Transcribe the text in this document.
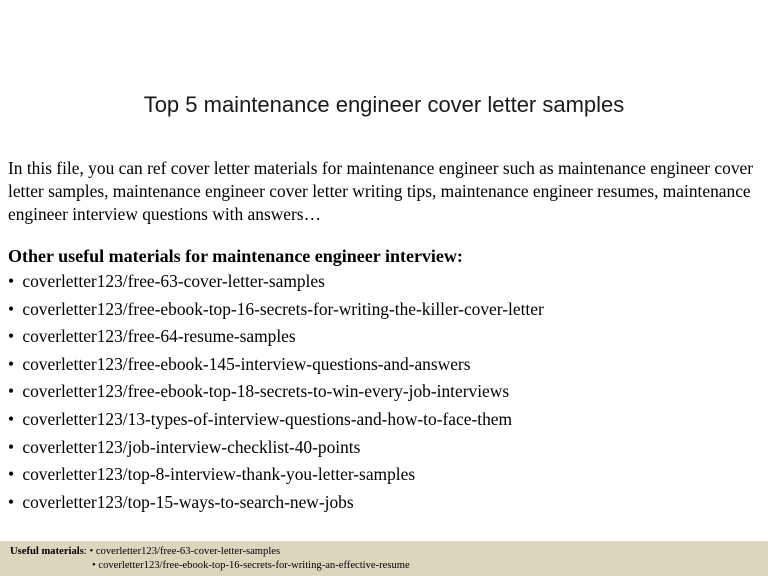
Top 5 maintenance engineer cover letter samples

In this file, you can ref cover letter materials for maintenance engineer such as maintenance engineer cover letter samples, maintenance engineer cover letter writing tips, maintenance engineer resumes, maintenance engineer interview questions with answers…

Other useful materials for maintenance engineer interview:

• coverletter123/free-63-cover-letter-samples
• coverletter123/free-ebook-top-16-secrets-for-writing-the-killer-cover-letter
• coverletter123/free-64-resume-samples
• coverletter123/free-ebook-145-interview-questions-and-answers
• coverletter123/free-ebook-top-18-secrets-to-win-every-job-interviews
• coverletter123/13-types-of-interview-questions-and-how-to-face-them
• coverletter123/job-interview-checklist-40-points
• coverletter123/top-8-interview-thank-you-letter-samples
• coverletter123/top-15-ways-to-search-new-jobs
Useful materials: • coverletter123/free-63-cover-letter-samples
• coverletter123/free-ebook-top-16-secrets-for-writing-an-effective-resume
